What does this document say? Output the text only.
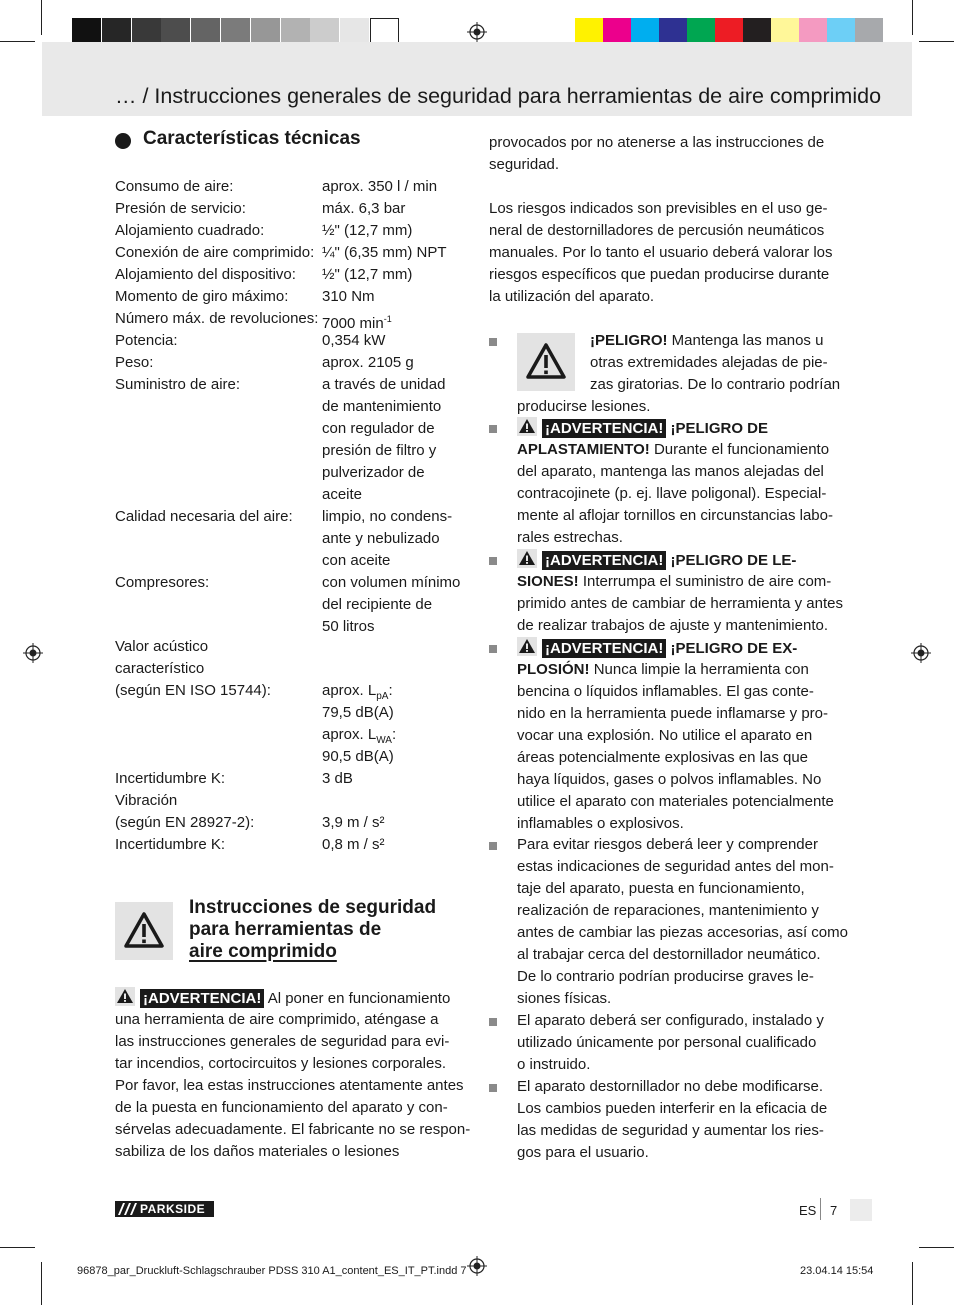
… / Instrucciones generales de seguridad para herramientas de aire comprimido
Características técnicas
Consumo de aire:	aprox. 350 l / min
Presión de servicio:	máx. 6,3 bar
Alojamiento cuadrado:	½" (12,7 mm)
Conexión de aire comprimido: ¼" (6,35 mm) NPT
Alojamiento del dispositivo: ½" (12,7 mm)
Momento de giro máximo: 310 Nm
Número máx. de revoluciones: 7000 $\min^{-1}$
Potencia:	0,354 kW
Peso:	aprox. 2105 g
Suministro de aire:	a través de unidad
de mantenimiento
con regulador de
presión de filtro y
pulverizador de
aceite
Calidad necesaria del aire: limpio, no condens-
ante y nebulizado
con aceite
Compresores:	con volumen mínimo
del recipiente de
50 litros
Valor acústico
característico
(según EN ISO 15744):	aprox. $L_{pA}$:
79,5 dB(A)
aprox. $L_{WA}$:
90,5 dB(A)
Incertidumbre K:	3 dB
Vibración
(según EN 28927-2):	3,9 m / s²
Incertidumbre K:	0,8 m / s²
Instrucciones de seguridad
para herramientas de
aire comprimido
¡ADVERTENCIA! Al poner en funcionamiento
una herramienta de aire comprimido, aténgase a
las instrucciones generales de seguridad para evi-
tar incendios, cortocircuitos y lesiones corporales.
Por favor, lea estas instrucciones atentamente antes
de la puesta en funcionamiento del aparato y con-
sérvelas adecuadamente. El fabricante no se respon-
sabiliza de los daños materiales o lesiones
provocados por no atenerse a las instrucciones de
seguridad.
Los riesgos indicados son previsibles en el uso ge-
neral de destornilladores de percusión neumáticos
manuales. Por lo tanto el usuario deberá valorar los
riesgos específicos que puedan producirse durante
la utilización del aparato.
¡PELIGRO! Mantenga las manos u
otras extremidades alejadas de pie-
zas giratorias. De lo contrario podrían
producirse lesiones.
¡ADVERTENCIA! ¡PELIGRO DE
APLASTAMIENTO! Durante el funcionamiento
del aparato, mantenga las manos alejadas del
contracojinete (p. ej. llave poligonal). Especial-
mente al aflojar tornillos en circunstancias labo-
rales estrechas.
¡ADVERTENCIA! ¡PELIGRO DE LE-
SIONES! Interrumpa el suministro de aire com-
primido antes de cambiar de herramienta y antes
de realizar trabajos de ajuste y mantenimiento.
¡ADVERTENCIA! ¡PELIGRO DE EX-
PLOSIÓN! Nunca limpie la herramienta con
bencina o líquidos inflamables. El gas conte-
nido en la herramienta puede inflamarse y pro-
vocar una explosión. No utilice el aparato en
áreas potencialmente explosivas en las que
haya líquidos, gases o polvos inflamables. No
utilice el aparato con materiales potencialmente
inflamables o explosivos.
Para evitar riesgos deberá leer y comprender
estas indicaciones de seguridad antes del mon-
taje del aparato, puesta en funcionamiento,
realización de reparaciones, mantenimiento y
antes de cambiar las piezas accesorias, así como
al trabajar cerca del destornillador neumático.
De lo contrario podrían producirse graves le-
siones físicas.
El aparato deberá ser configurado, instalado y
utilizado únicamente por personal cualificado
o instruido.
El aparato destornillador no debe modificarse.
Los cambios pueden interferir en la eficacia de
las medidas de seguridad y aumentar los ries-
gos para el usuario.
PARKSIDE	ES 7
96878_par_Druckluft-Schlagschrauber PDSS 310 A1_content_ES_IT_PT.indd 7	23.04.14 15:54
